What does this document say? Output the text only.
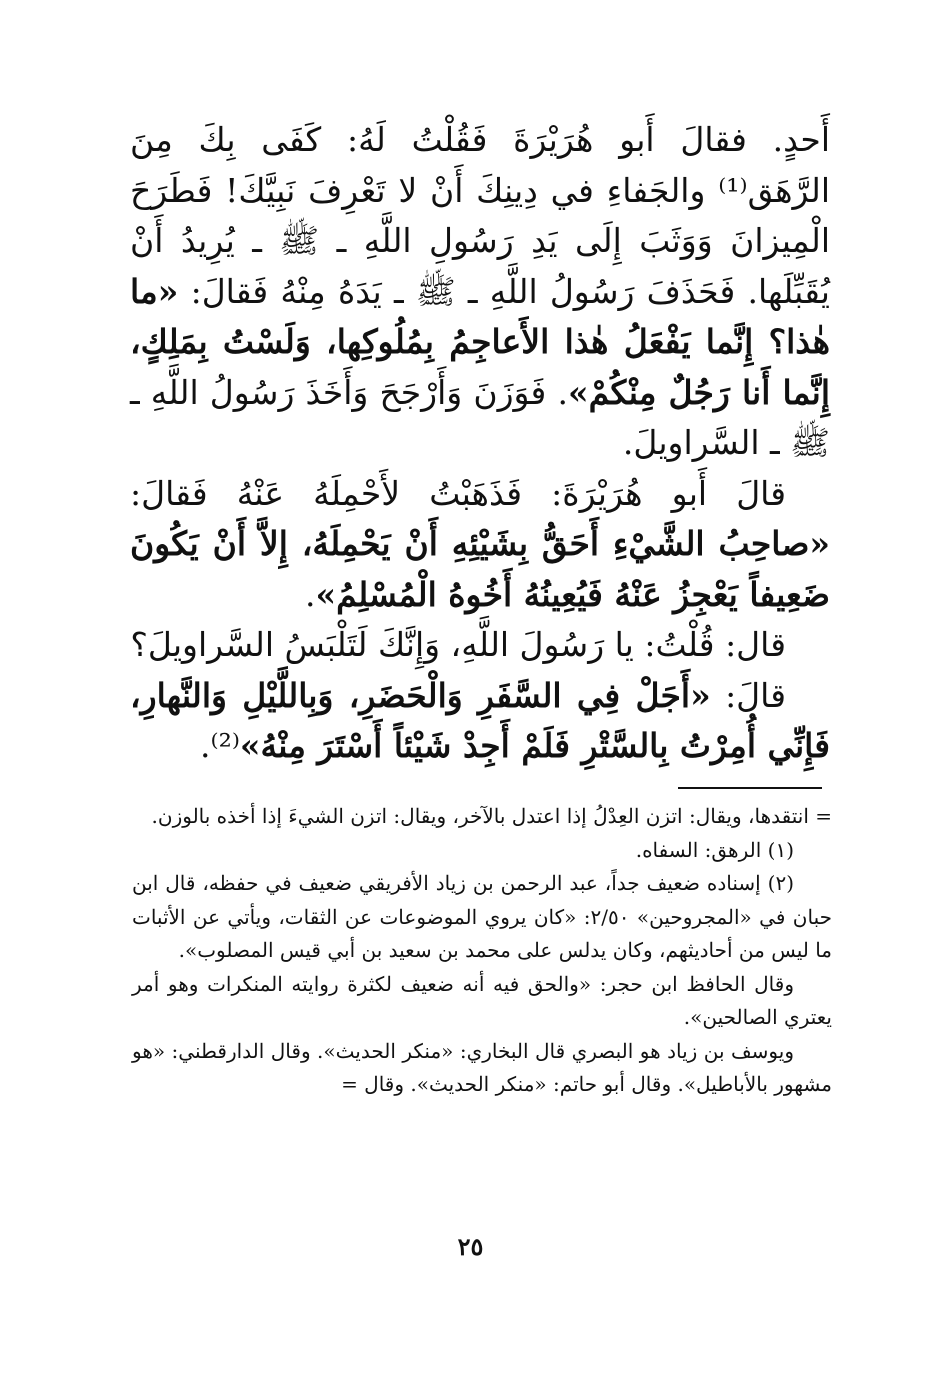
أَحدٍ. فقالَ أَبو هُرَيْرَةَ فَقُلْتُ لَهُ: كَفَى بِكَ مِنَ الرَّهَق⁽¹⁾ والجَفاءِ في دِينِكَ أَنْ لا تَعْرِفَ نَبِيَّكَ! فَطَرَحَ الْمِيزانَ وَوَثَبَ إِلَى يَدِ رَسُولِ اللَّهِ ـ ﷺ ـ يُرِيدُ أَنْ يُقَبِّلَها. فَحَذَفَ رَسُولُ اللَّهِ ـ ﷺ ـ يَدَهُ مِنْهُ فَقالَ: «ما هٰذا؟ إِنَّما يَفْعَلُ هٰذا الأَعاجِمُ بِمُلُوكِها، وَلَسْتُ بِمَلِكٍ، إِنَّما أَنا رَجُلٌ مِنْكُمْ». فَوَزَنَ وَأَرْجَحَ وَأَخَذَ رَسُولُ اللَّهِ ـ ﷺ ـ السَّراويلَ.

قالَ أَبو هُرَيْرَةَ: فَذَهَبْتُ لأَحْمِلَهُ عَنْهُ فَقالَ: «صاحِبُ الشَّيْءِ أَحَقُّ بِشَيْئِهِ أَنْ يَحْمِلَهُ، إِلاَّ أَنْ يَكُونَ ضَعِيفاً يَعْجِزُ عَنْهُ فَيُعِينُهُ أَخُوهُ الْمُسْلِمُ».

قال: قُلْتُ: يا رَسُولَ اللَّهِ، وَإِنَّكَ لَتَلْبَسُ السَّراويلَ؟

قالَ: «أَجَلْ فِي السَّفَرِ وَالْحَضَرِ، وَبِاللَّيْلِ وَالنَّهارِ، فَإِنِّي أُمِرْتُ بِالسَّتْرِ فَلَمْ أَجِدْ شَيْئاً أَسْتَرَ مِنْهُ»⁽²⁾.

= انتقدها، ويقال: اتزن العِدْلُ إذا اعتدل بالآخر، ويقال: اتزن الشيءَ إذا أخذه بالوزن.

(١) الرهق: السفاه.

(٢) إسناده ضعيف جداً، عبد الرحمن بن زياد الأفريقي ضعيف في حفظه، قال ابن حبان في «المجروحين» ٢/٥٠: «كان يروي الموضوعات عن الثقات، ويأتي عن الأثبات ما ليس من أحاديثهم، وكان يدلس على محمد بن سعيد بن أبي قيس المصلوب».

وقال الحافظ ابن حجر: «والحق فيه أنه ضعيف لكثرة روايته المنكرات وهو أمر يعتري الصالحين».

ويوسف بن زياد هو البصري قال البخاري: «منكر الحديث». وقال الدارقطني: «هو مشهور بالأباطيل». وقال أبو حاتم: «منكر الحديث». وقال =

٢٥
